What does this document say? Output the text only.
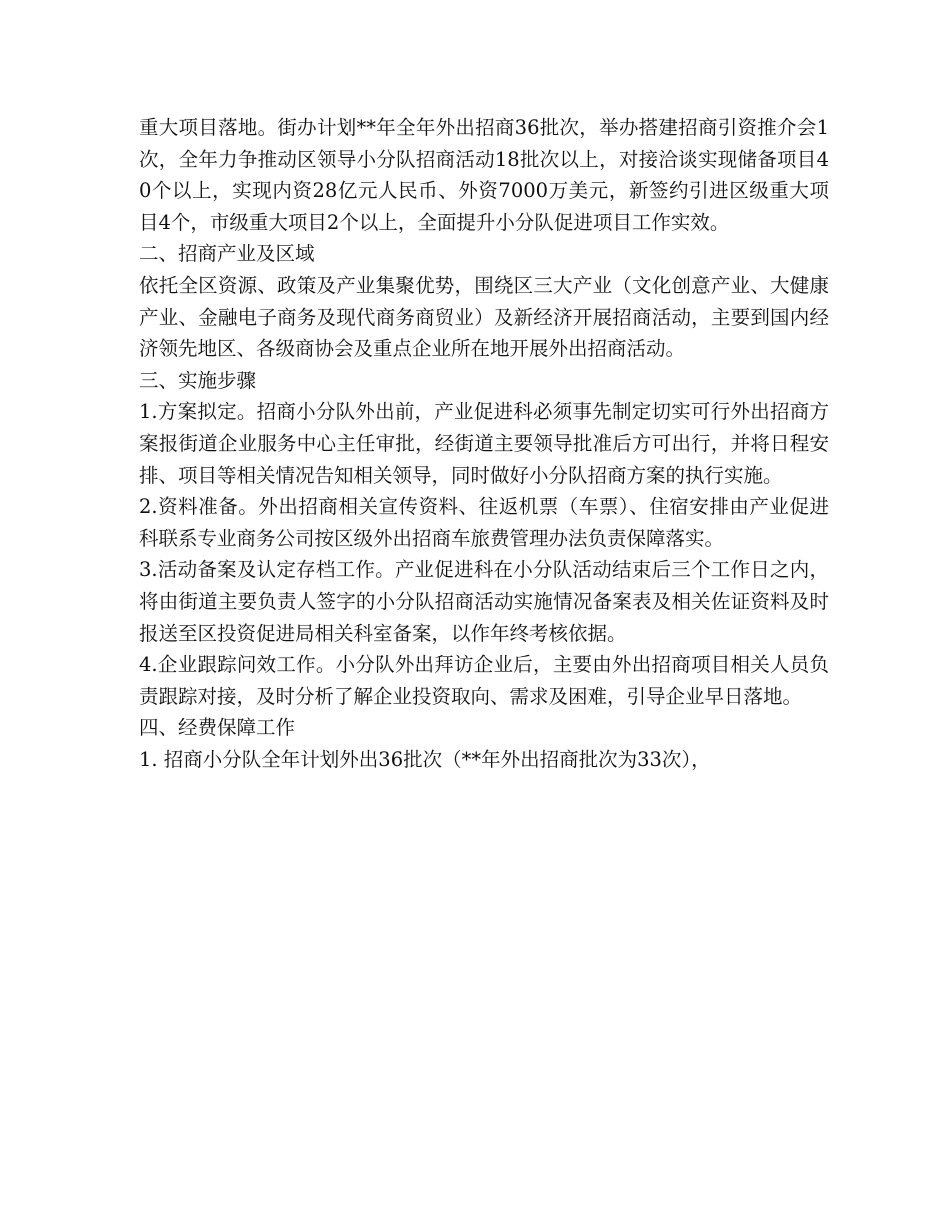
重大项目落地。街办计划**年全年外出招商36批次，举办搭建招商引资推介会1次，全年力争推动区领导小分队招商活动18批次以上，对接洽谈实现储备项目40个以上，实现内资28亿元人民币、外资7000万美元，新签约引进区级重大项目4个，市级重大项目2个以上，全面提升小分队促进项目工作实效。

二、招商产业及区域

依托全区资源、政策及产业集聚优势，围绕区三大产业（文化创意产业、大健康产业、金融电子商务及现代商务商贸业）及新经济开展招商活动，主要到国内经济领先地区、各级商协会及重点企业所在地开展外出招商活动。

三、实施步骤

1.方案拟定。招商小分队外出前，产业促进科必须事先制定切实可行外出招商方案报街道企业服务中心主任审批，经街道主要领导批准后方可出行，并将日程安排、项目等相关情况告知相关领导，同时做好小分队招商方案的执行实施。

2.资料准备。外出招商相关宣传资料、往返机票（车票）、住宿安排由产业促进科联系专业商务公司按区级外出招商车旅费管理办法负责保障落实。

3.活动备案及认定存档工作。产业促进科在小分队活动结束后三个工作日之内，将由街道主要负责人签字的小分队招商活动实施情况备案表及相关佐证资料及时报送至区投资促进局相关科室备案，以作年终考核依据。

4.企业跟踪问效工作。小分队外出拜访企业后，主要由外出招商项目相关人员负责跟踪对接，及时分析了解企业投资取向、需求及困难，引导企业早日落地。

四、经费保障工作

1. 招商小分队全年计划外出36批次（**年外出招商批次为33次），
